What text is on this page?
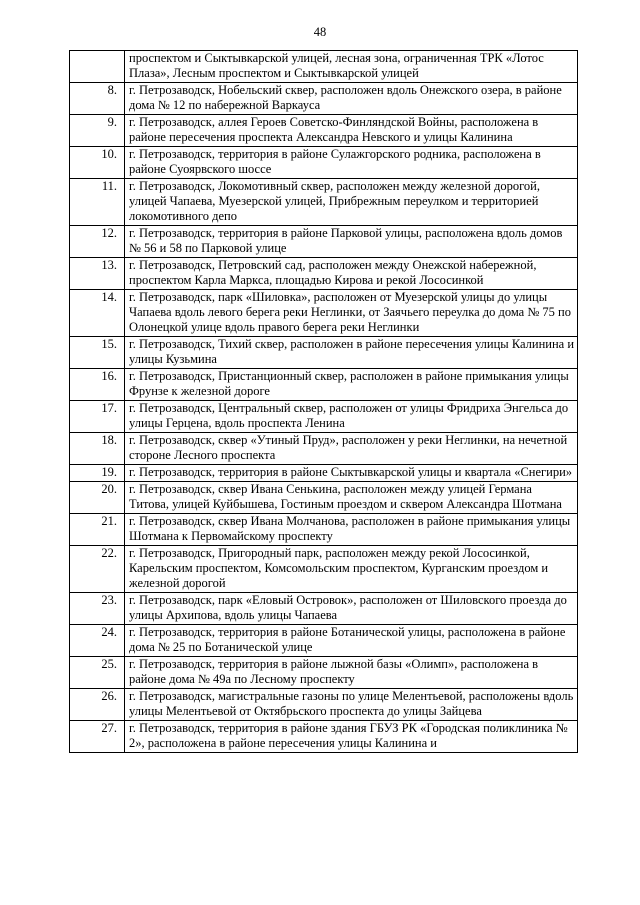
48
	проспектом и Сыктывкарской улицей, лесная зона, ограниченная ТРК «Лотос Плаза», Лесным проспектом и Сыктывкарской улицей
8.	г. Петрозаводск, Нобельский сквер, расположен вдоль Онежского озера, в районе дома № 12 по набережной Варкауса
9.	г. Петрозаводск, аллея Героев Советско-Финляндской Войны, расположена в районе пересечения проспекта Александра Невского и улицы Калинина
10.	г. Петрозаводск, территория в районе Сулажгорского родника, расположена в районе Суоярвского шоссе
11.	г. Петрозаводск, Локомотивный сквер, расположен между железной дорогой, улицей Чапаева, Муезерской улицей, Прибрежным переулком и территорией локомотивного депо
12.	г. Петрозаводск, территория в районе Парковой улицы, расположена вдоль домов № 56 и 58 по Парковой улице
13.	г. Петрозаводск, Петровский сад, расположен между Онежской набережной, проспектом Карла Маркса, площадью Кирова и рекой Лососинкой
14.	г. Петрозаводск, парк «Шиловка», расположен от Муезерской улицы до улицы Чапаева вдоль левого берега реки Неглинки, от Заячьего переулка до дома № 75 по Олонецкой улице вдоль правого берега реки Неглинки
15.	г. Петрозаводск, Тихий сквер, расположен в районе пересечения улицы Калинина и улицы Кузьмина
16.	г. Петрозаводск, Пристанционный сквер, расположен в районе примыкания улицы Фрунзе к железной дороге
17.	г. Петрозаводск, Центральный сквер, расположен от улицы Фридриха Энгельса до улицы Герцена, вдоль проспекта Ленина
18.	г. Петрозаводск, сквер «Утиный Пруд», расположен у реки Неглинки, на нечетной стороне Лесного проспекта
19.	г. Петрозаводск, территория в районе Сыктывкарской улицы и квартала «Снегири»
20.	г. Петрозаводск, сквер Ивана Сенькина, расположен между улицей Германа Титова, улицей Куйбышева, Гостиным проездом и сквером Александра Шотмана
21.	г. Петрозаводск, сквер Ивана Молчанова, расположен в районе примыкания улицы Шотмана к Первомайскому проспекту
22.	г. Петрозаводск, Пригородный парк, расположен между рекой Лососинкой, Карельским проспектом, Комсомольским проспектом, Курганским проездом и железной дорогой
23.	г. Петрозаводск, парк «Еловый Островок», расположен от Шиловского проезда до улицы Архипова, вдоль улицы Чапаева
24.	г. Петрозаводск, территория в районе Ботанической улицы, расположена в районе дома № 25 по Ботанической улице
25.	г. Петрозаводск, территория в районе лыжной базы «Олимп», расположена в районе дома № 49а по Лесному проспекту
26.	г. Петрозаводск, магистральные газоны по улице Мелентьевой, расположены вдоль улицы Мелентьевой от Октябрьского проспекта до улицы Зайцева
27.	г. Петрозаводск, территория в районе здания ГБУЗ РК «Городская поликлиника № 2», расположена в районе пересечения улицы Калинина и
